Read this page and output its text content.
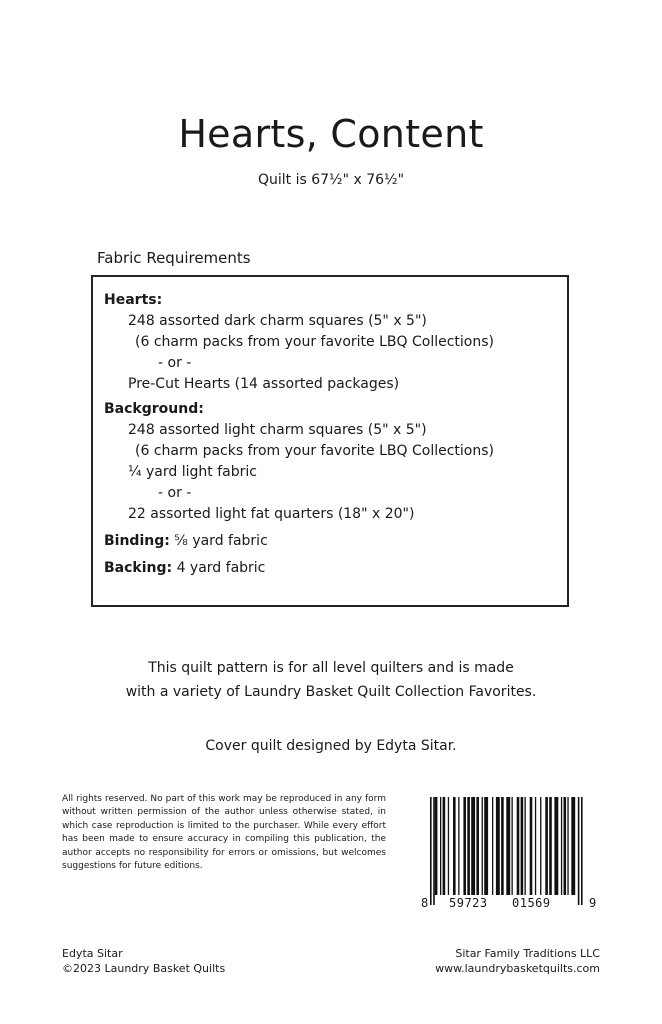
Hearts, Content
Quilt is 67½" x 76½"
Fabric Requirements
Hearts:
248 assorted dark charm squares (5" x 5")
(6 charm packs from your favorite LBQ Collections)
- or -
Pre-Cut Hearts (14 assorted packages)
Background:
248 assorted light charm squares (5" x 5")
(6 charm packs from your favorite LBQ Collections)
¼ yard light fabric
- or -
22 assorted light fat quarters (18" x 20")
Binding: ⅝ yard fabric
Backing: 4 yard fabric
This quilt pattern is for all level quilters and is made
with a variety of Laundry Basket Quilt Collection Favorites.
Cover quilt designed by Edyta Sitar.
All rights reserved. No part of this work may be reproduced in any form without written permission of the author unless otherwise stated, in which case reproduction is limited to the purchaser. While every effort has been made to ensure accuracy in compiling this publication, the author accepts no responsibility for errors or omissions, but welcomes suggestions for future editions.
8 59723 01569	9
Edyta Sitar
©2023 Laundry Basket Quilts
Sitar Family Traditions LLC
www.laundrybasketquilts.com
